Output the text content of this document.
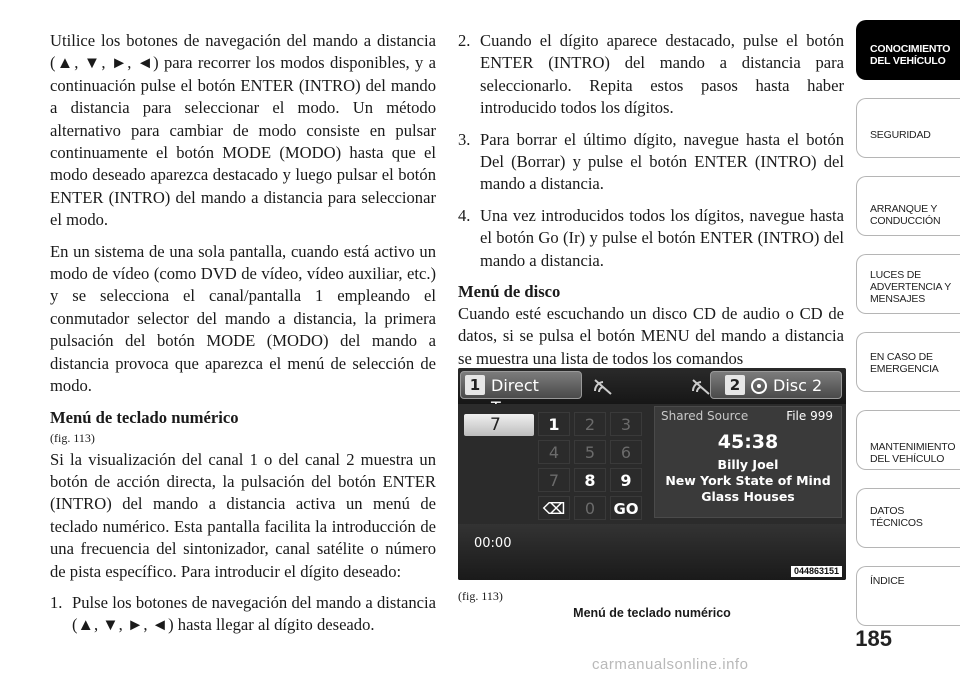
Utilice los botones de navegación del mando a distancia (▲, ▼, ►, ◄) para recorrer los modos disponibles, y a continuación pulse el botón ENTER (INTRO) del mando a distancia para seleccionar el modo. Un método alternativo para cambiar de modo consiste en pulsar continuamente el botón MODE (MODO) hasta que el modo deseado aparezca destacado y luego pulsar el botón ENTER (INTRO) del mando a distancia para seleccionar el modo.

En un sistema de una sola pantalla, cuando está activo un modo de vídeo (como DVD de vídeo, vídeo auxiliar, etc.) y se selecciona el canal/pantalla 1 empleando el conmutador selector del mando a distancia, la primera pulsación del botón MODE (MODO) del mando a distancia provoca que aparezca el menú de selección de modo.

Menú de teclado numérico
(fig. 113)

Si la visualización del canal 1 o del canal 2 muestra un botón de acción directa, la pulsación del botón ENTER (INTRO) del mando a distancia activa un menú de teclado numérico. Esta pantalla facilita la introducción de una frecuencia del sintonizador, canal satélite o número de pista específico. Para introducir el dígito deseado:

1. Pulse los botones de navegación del mando a distancia (▲, ▼, ►, ◄) hasta llegar al dígito deseado.
2. Cuando el dígito aparece destacado, pulse el botón ENTER (INTRO) del mando a distancia para seleccionarlo. Repita estos pasos hasta haber introducido todos los dígitos.
3. Para borrar el último dígito, navegue hasta el botón Del (Borrar) y pulse el botón ENTER (INTRO) del mando a distancia.
4. Una vez introducidos todos los dígitos, navegue hasta el botón Go (Ir) y pulse el botón ENTER (INTRO) del mando a distancia.
Menú de disco

Cuando esté escuchando un disco CD de audio o CD de datos, si se pulsa el botón MENU del mando a distancia se muestra una lista de todos los comandos

1 Direct	2 Disc 2
7	1	2	3
4	5	6
7	8	9
⌫	0	GO
Shared Source	File 999
45:38
Billy Joel
New York State of Mind
Glass Houses
00:00
044863151
(fig. 113)
Menú de teclado numérico
CONOCIMIENTO
DEL VEHÍCULO
SEGURIDAD
ARRANQUE Y
CONDUCCIÓN
LUCES DE
ADVERTENCIA Y
MENSAJES
EN CASO DE
EMERGENCIA
MANTENIMIENTO
DEL VEHÍCULO
DATOS
TÉCNICOS
ÍNDICE
185
carmanualsonline.info
